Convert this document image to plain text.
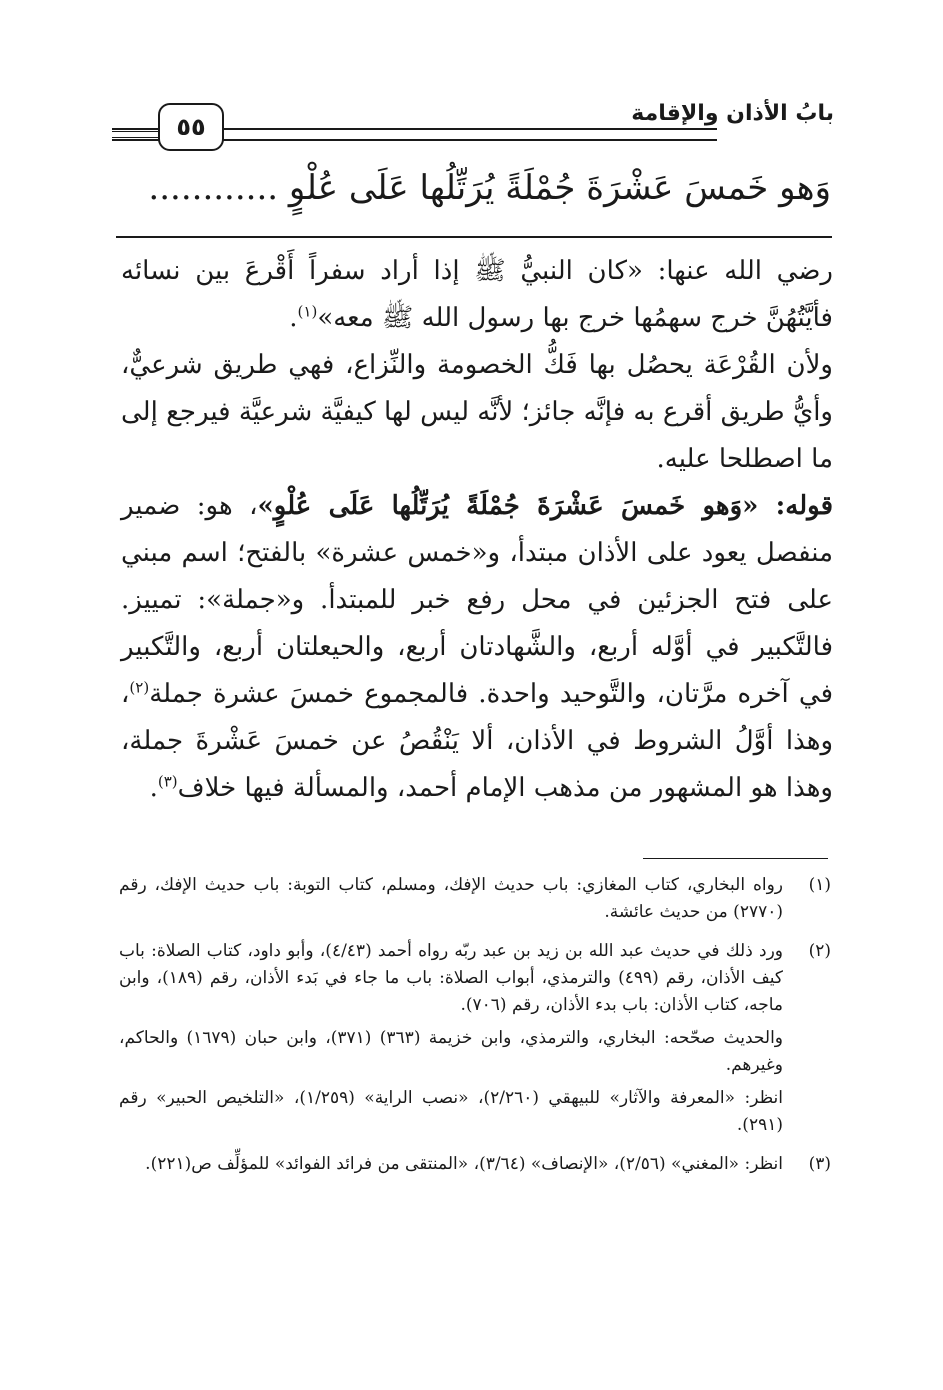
بابُ الأذان والإقامة
٥٥
وَهو خَمسَ عَشْرَةَ جُمْلَةً يُرَتِّلُها عَلَى عُلْوٍ ............

رضي الله عنها: «كان النبيُّ ﷺ إذا أراد سفراً أَقْرعَ بين نسائه فأيَّتُهُنَّ خرج سهمُها خرج بها رسول الله ﷺ معه»$^{(١)}$.

ولأن القُرْعَة يحصُل بها فَكُّ الخصومة والنِّزاع، فهي طريق شرعيٌّ، وأيُّ طريق أقرع به فإنَّه جائز؛ لأنَّه ليس لها كيفيَّة شرعيَّة فيرجع إلى ما اصطلحا عليه.

قوله: «وَهو خَمسَ عَشْرَةَ جُمْلَةً يُرَتِّلُها عَلَى عُلْوٍ»، هو: ضمير منفصل يعود على الأذان مبتدأ، و«خمس عشرة» بالفتح؛ اسم مبني على فتح الجزئين في محل رفع خبر للمبتدأ. و«جملة»: تمييز. فالتَّكبير في أوَّله أربع، والشَّهادتان أربع، والحيعلتان أربع، والتَّكبير في آخره مرَّتان، والتَّوحيد واحدة. فالمجموع خمسَ عشرة جملة$^{(٢)}$، وهذا أوَّلُ الشروط في الأذان، ألا يَنْقُصُ عن خمسَ عَشْرةَ جملة، وهذا هو المشهور من مذهب الإمام أحمد، والمسألة فيها خلاف$^{(٣)}$.

(١)

رواه البخاري، كتاب المغازي: باب حديث الإفك، ومسلم، كتاب التوبة: باب حديث الإفك، رقم (٢٧٧٠) من حديث عائشة.

(٢)

ورد ذلك في حديث عبد الله بن زيد بن عبد ربّه رواه أحمد (٤/٤٣)، وأبو داود، كتاب الصلاة: باب كيف الأذان، رقم (٤٩٩) والترمذي، أبواب الصلاة: باب ما جاء في بَدء الأذان، رقم (١٨٩)، وابن ماجه، كتاب الأذان: باب بدء الأذان، رقم (٧٠٦).

والحديث صحّحه: البخاري، والترمذي، وابن خزيمة (٣٦٣) (٣٧١)، وابن حبان (١٦٧٩) والحاكم، وغيرهم.

انظر: «المعرفة والآثار» للبيهقي (٢/٢٦٠)، «نصب الراية» (١/٢٥٩)، «التلخيص الحبير» رقم (٢٩١).

(٣)

انظر: «المغني» (٢/٥٦)، «الإنصاف» (٣/٦٤)، «المنتقى من فرائد الفوائد» للمؤلِّف ص(٢٢١).
